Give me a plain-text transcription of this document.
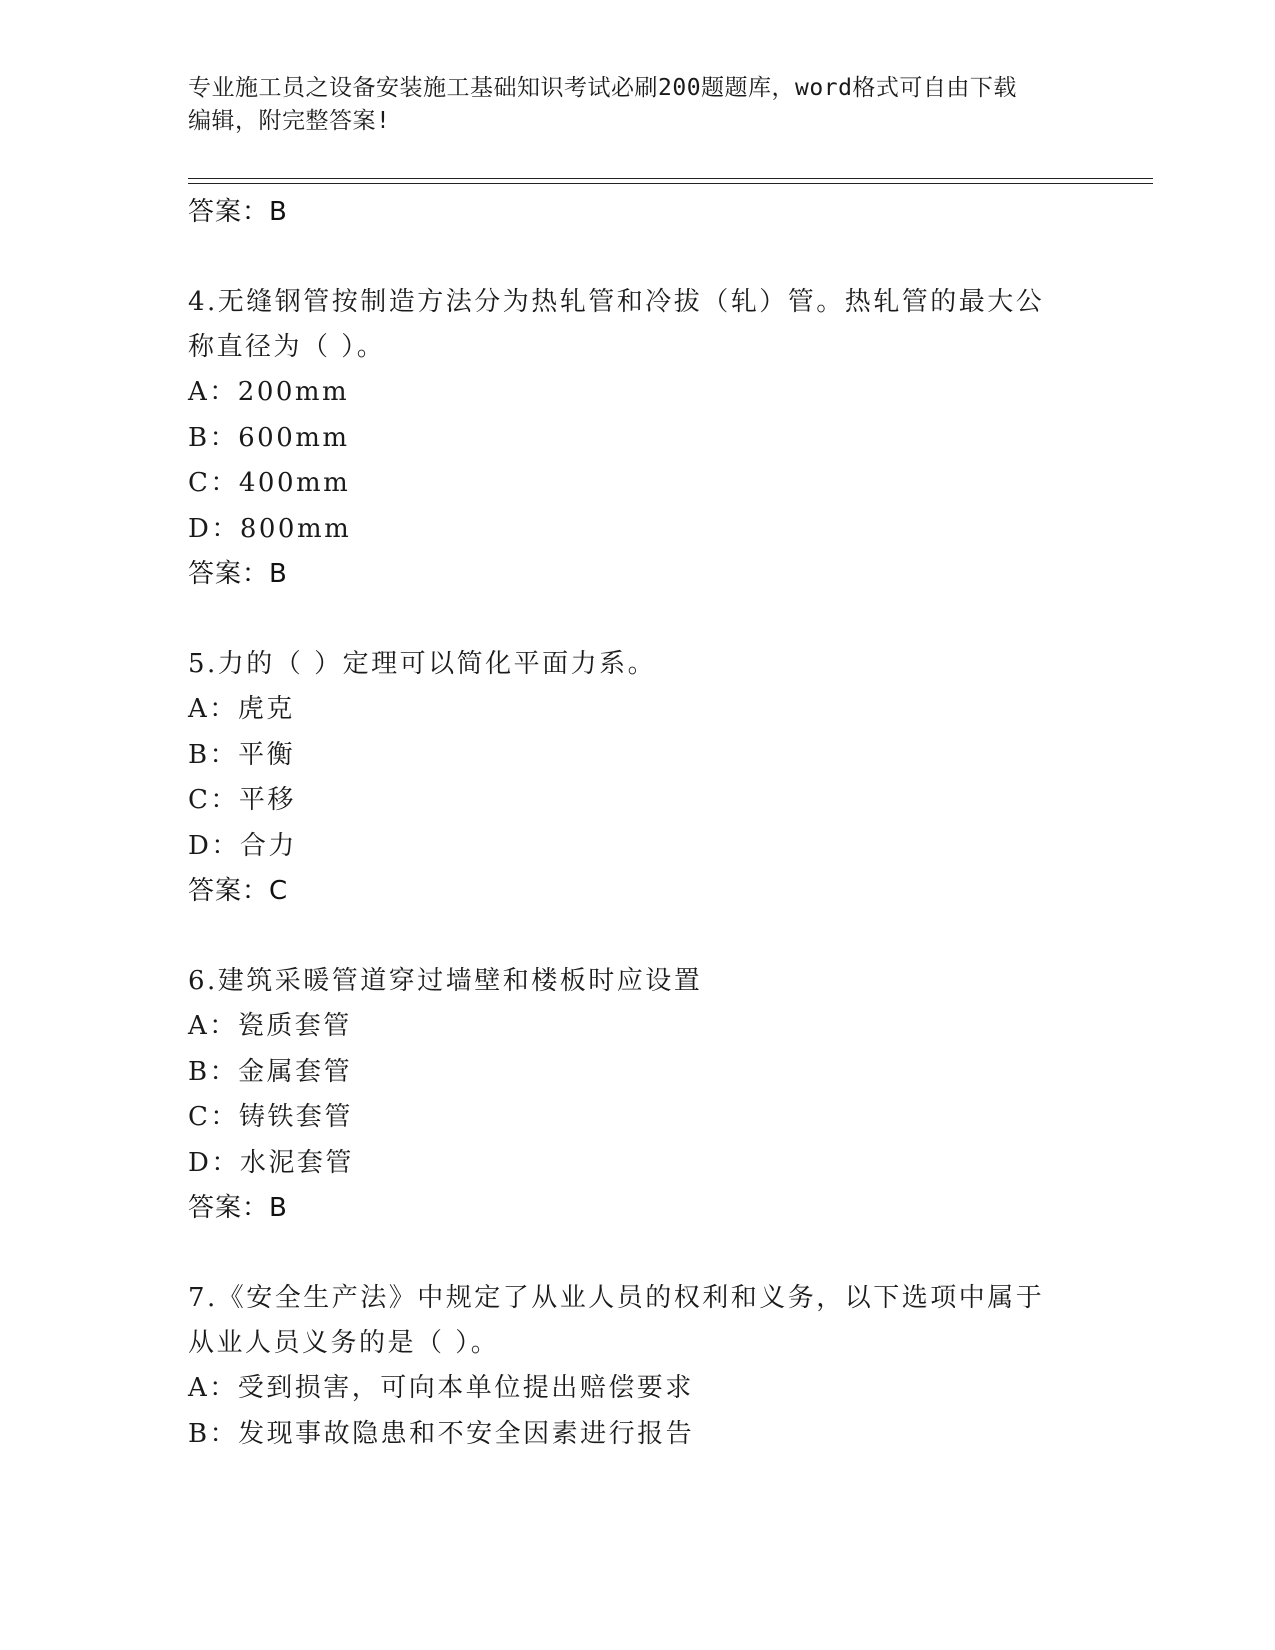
专业施工员之设备安装施工基础知识考试必刷200题题库，word格式可自由下载
编辑，附完整答案!
答案：B
4.无缝钢管按制造方法分为热轧管和冷拔（轧）管。热轧管的最大公
称直径为（ ）。
A：200mm
B：600mm
C：400mm
D：800mm
答案：B
5.力的（ ）定理可以简化平面力系。
A：虎克
B：平衡
C：平移
D：合力
答案：C
6.建筑采暖管道穿过墙壁和楼板时应设置
A：瓷质套管
B：金属套管
C：铸铁套管
D：水泥套管
答案：B
7.《安全生产法》中规定了从业人员的权利和义务，以下选项中属于
从业人员义务的是（ ）。
A：受到损害，可向本单位提出赔偿要求
B：发现事故隐患和不安全因素进行报告
